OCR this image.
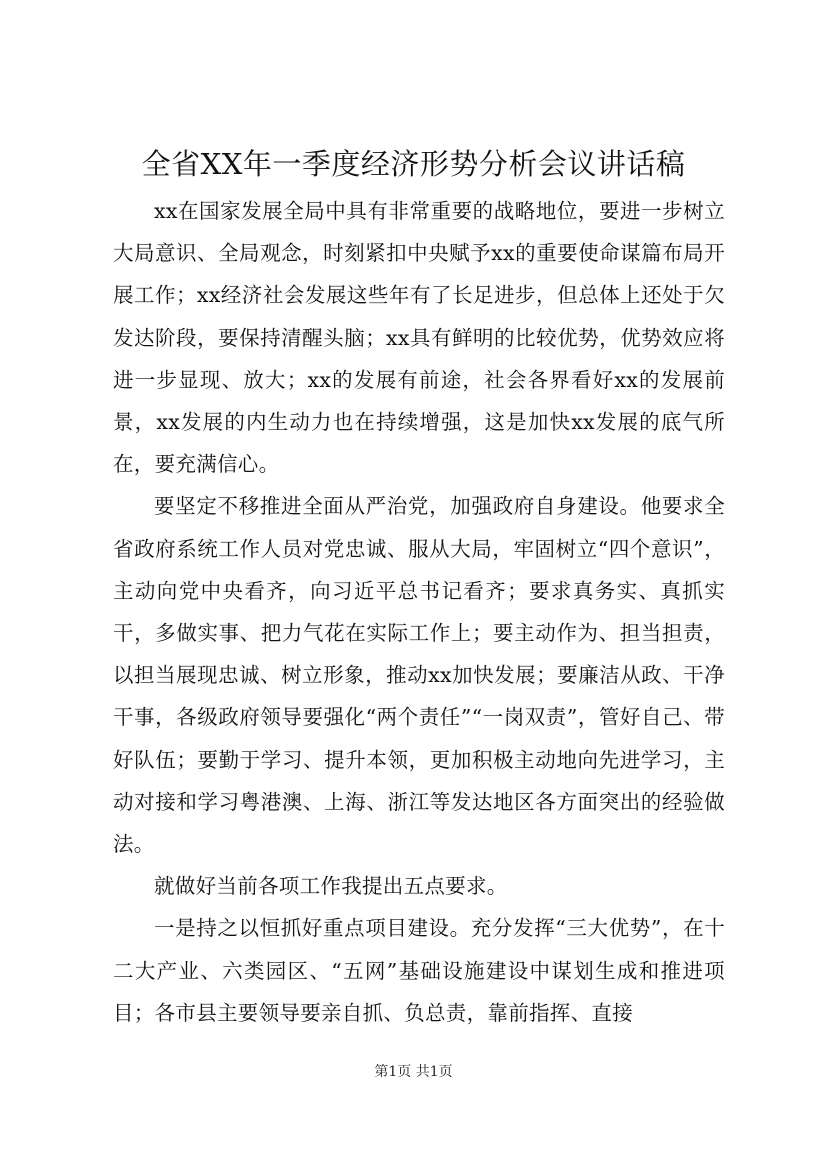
全省XX年一季度经济形势分析会议讲话稿

xx在国家发展全局中具有非常重要的战略地位，要进一步树立大局意识、全局观念，时刻紧扣中央赋予xx的重要使命谋篇布局开展工作；xx经济社会发展这些年有了长足进步，但总体上还处于欠发达阶段，要保持清醒头脑；xx具有鲜明的比较优势，优势效应将进一步显现、放大；xx的发展有前途，社会各界看好xx的发展前景，xx发展的内生动力也在持续增强，这是加快xx发展的底气所在，要充满信心。

要坚定不移推进全面从严治党，加强政府自身建设。他要求全省政府系统工作人员对党忠诚、服从大局，牢固树立“四个意识”，主动向党中央看齐，向习近平总书记看齐；要求真务实、真抓实干，多做实事、把力气花在实际工作上；要主动作为、担当担责，以担当展现忠诚、树立形象，推动xx加快发展；要廉洁从政、干净干事，各级政府领导要强化“两个责任”“一岗双责”，管好自己、带好队伍；要勤于学习、提升本领，更加积极主动地向先进学习，主动对接和学习粤港澳、上海、浙江等发达地区各方面突出的经验做法。

就做好当前各项工作我提出五点要求。

一是持之以恒抓好重点项目建设。充分发挥“三大优势”，在十二大产业、六类园区、“五网”基础设施建设中谋划生成和推进项目；各市县主要领导要亲自抓、负总责，靠前指挥、直接

第1页 共1页
